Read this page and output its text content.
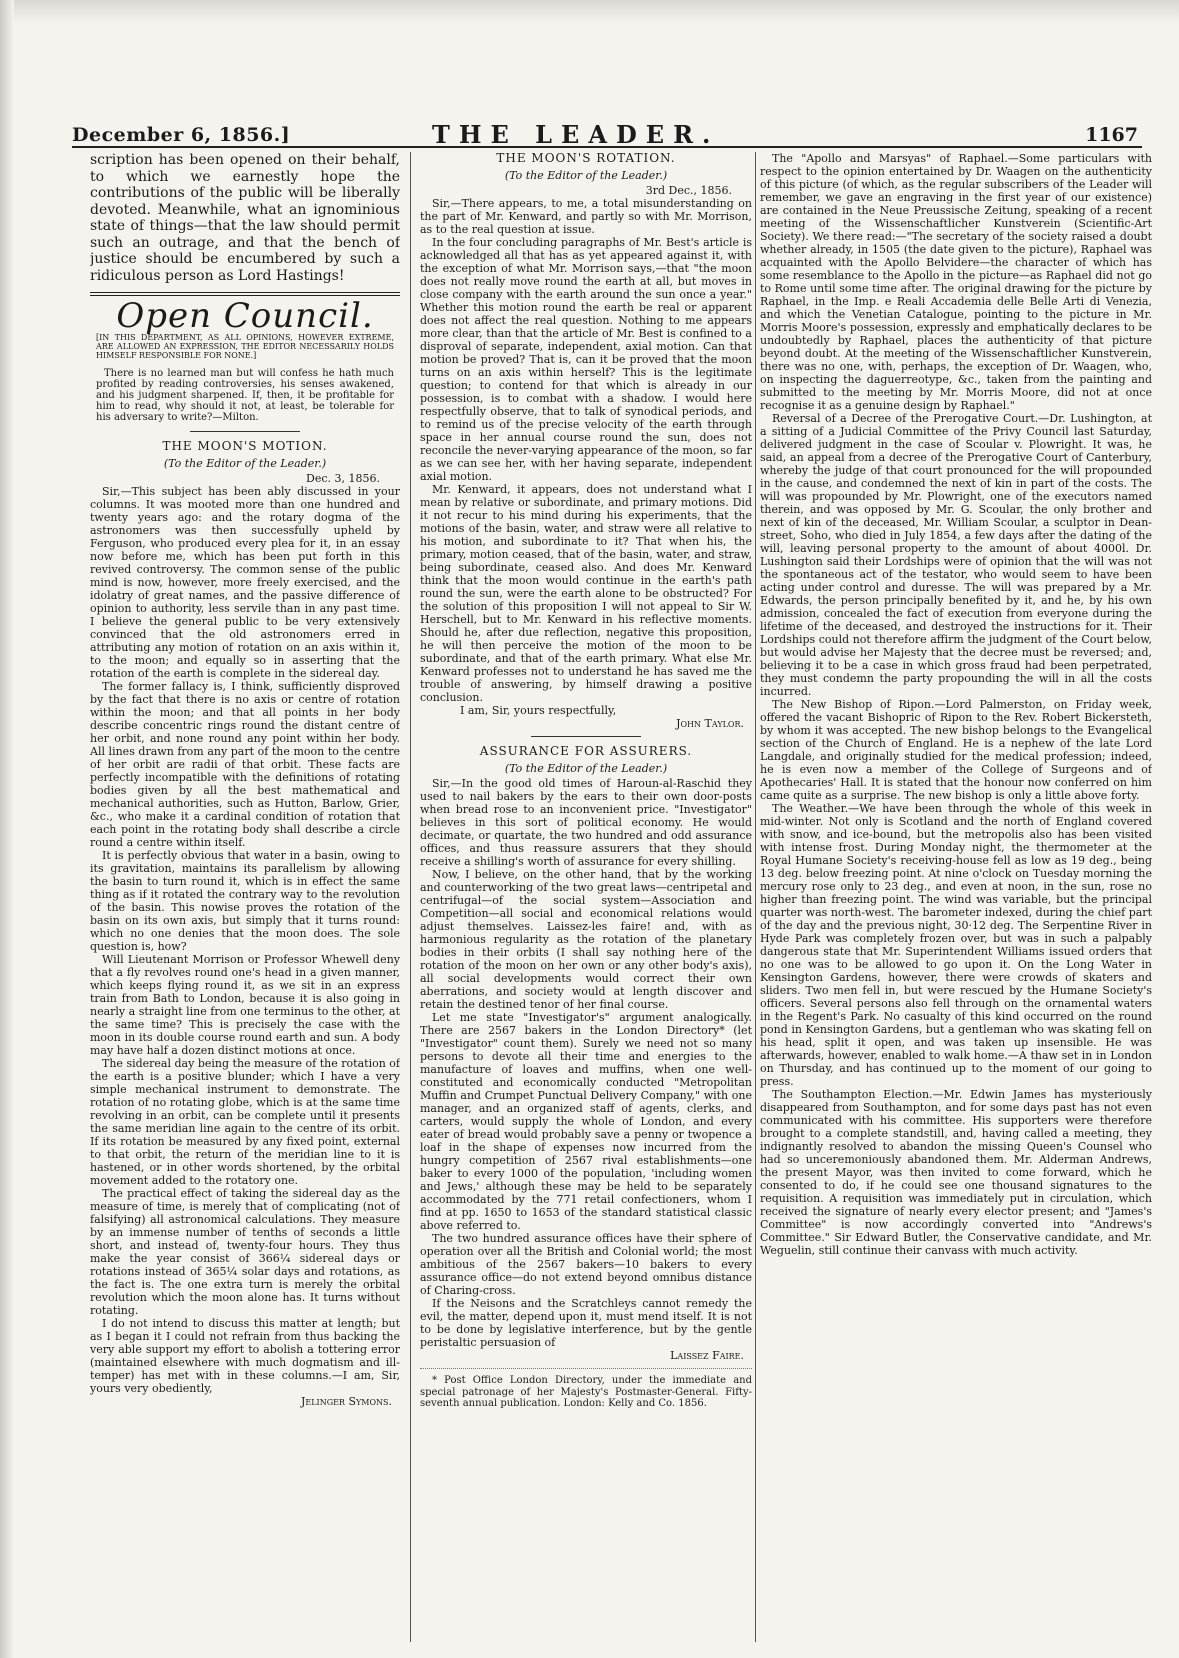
December 6, 1856.]	THE LEADER.	1167

scription has been opened on their behalf, to which we earnestly hope the contributions of the public will be liberally devoted. Meanwhile, what an ignominious state of things—that the law should permit such an outrage, and that the bench of justice should be encumbered by such a ridiculous person as Lord Hastings!

Open Council.

[IN THIS DEPARTMENT, AS ALL OPINIONS, HOWEVER EXTREME, ARE ALLOWED AN EXPRESSION, THE EDITOR NECESSARILY HOLDS HIMSELF RESPONSIBLE FOR NONE.]

There is no learned man but will confess he hath much profited by reading controversies, his senses awakened, and his judgment sharpened. If, then, it be profitable for him to read, why should it not, at least, be tolerable for his adversary to write?—Milton.

THE MOON'S MOTION.

(To the Editor of the Leader.)

Dec. 3, 1856.

Sir,—This subject has been ably discussed in your columns. It was mooted more than one hundred and twenty years ago: and the rotary dogma of the astronomers was then successfully upheld by Ferguson, who produced every plea for it, in an essay now before me, which has been put forth in this revived controversy. The common sense of the public mind is now, however, more freely exercised, and the idolatry of great names, and the passive difference of opinion to authority, less servile than in any past time. I believe the general public to be very extensively convinced that the old astronomers erred in attributing any motion of rotation on an axis within it, to the moon; and equally so in asserting that the rotation of the earth is complete in the sidereal day.

The former fallacy is, I think, sufficiently disproved by the fact that there is no axis or centre of rotation within the moon; and that all points in her body describe concentric rings round the distant centre of her orbit, and none round any point within her body. All lines drawn from any part of the moon to the centre of her orbit are radii of that orbit. These facts are perfectly incompatible with the definitions of rotating bodies given by all the best mathematical and mechanical authorities, such as Hutton, Barlow, Grier, &c., who make it a cardinal condition of rotation that each point in the rotating body shall describe a circle round a centre within itself.

It is perfectly obvious that water in a basin, owing to its gravitation, maintains its parallelism by allowing the basin to turn round it, which is in effect the same thing as if it rotated the contrary way to the revolution of the basin. This nowise proves the rotation of the basin on its own axis, but simply that it turns round: which no one denies that the moon does. The sole question is, how?

Will Lieutenant Morrison or Professor Whewell deny that a fly revolves round one's head in a given manner, which keeps flying round it, as we sit in an express train from Bath to London, because it is also going in nearly a straight line from one terminus to the other, at the same time? This is precisely the case with the moon in its double course round earth and sun. A body may have half a dozen distinct motions at once.

The sidereal day being the measure of the rotation of the earth is a positive blunder; which I have a very simple mechanical instrument to demonstrate. The rotation of no rotating globe, which is at the same time revolving in an orbit, can be complete until it presents the same meridian line again to the centre of its orbit. If its rotation be measured by any fixed point, external to that orbit, the return of the meridian line to it is hastened, or in other words shortened, by the orbital movement added to the rotatory one.

The practical effect of taking the sidereal day as the measure of time, is merely that of complicating (not of falsifying) all astronomical calculations. They measure by an immense number of tenths of seconds a little short, and instead of, twenty-four hours. They thus make the year consist of 366¼ sidereal days or rotations instead of 365¼ solar days and rotations, as the fact is. The one extra turn is merely the orbital revolution which the moon alone has. It turns without rotating.

I do not intend to discuss this matter at length; but as I began it I could not refrain from thus backing the very able support my effort to abolish a tottering error (maintained elsewhere with much dogmatism and ill-temper) has met with in these columns.—I am, Sir, yours very obediently,

Jelinger Symons.

THE MOON'S ROTATION.

(To the Editor of the Leader.)

3rd Dec., 1856.

Sir,—There appears, to me, a total misunderstanding on the part of Mr. Kenward, and partly so with Mr. Morrison, as to the real question at issue.

In the four concluding paragraphs of Mr. Best's article is acknowledged all that has as yet appeared against it, with the exception of what Mr. Morrison says,—that "the moon does not really move round the earth at all, but moves in close company with the earth around the sun once a year." Whether this motion round the earth be real or apparent does not affect the real question. Nothing to me appears more clear, than that the article of Mr. Best is confined to a disproval of separate, independent, axial motion. Can that motion be proved? That is, can it be proved that the moon turns on an axis within herself? This is the legitimate question; to contend for that which is already in our possession, is to combat with a shadow. I would here respectfully observe, that to talk of synodical periods, and to remind us of the precise velocity of the earth through space in her annual course round the sun, does not reconcile the never-varying appearance of the moon, so far as we can see her, with her having separate, independent axial motion.

Mr. Kenward, it appears, does not understand what I mean by relative or subordinate, and primary motions. Did it not recur to his mind during his experiments, that the motions of the basin, water, and straw were all relative to his motion, and subordinate to it? That when his, the primary, motion ceased, that of the basin, water, and straw, being subordinate, ceased also. And does Mr. Kenward think that the moon would continue in the earth's path round the sun, were the earth alone to be obstructed? For the solution of this proposition I will not appeal to Sir W. Herschell, but to Mr. Kenward in his reflective moments. Should he, after due reflection, negative this proposition, he will then perceive the motion of the moon to be subordinate, and that of the earth primary. What else Mr. Kenward professes not to understand he has saved me the trouble of answering, by himself drawing a positive conclusion.

I am, Sir, yours respectfully,

John Taylor.

ASSURANCE FOR ASSURERS.

(To the Editor of the Leader.)

Sir,—In the good old times of Haroun-al-Raschid they used to nail bakers by the ears to their own door-posts when bread rose to an inconvenient price. "Investigator" believes in this sort of political economy. He would decimate, or quartate, the two hundred and odd assurance offices, and thus reassure assurers that they should receive a shilling's worth of assurance for every shilling.

Now, I believe, on the other hand, that by the working and counterworking of the two great laws—centripetal and centrifugal—of the social system—Association and Competition—all social and economical relations would adjust themselves. Laissez-les faire! and, with as harmonious regularity as the rotation of the planetary bodies in their orbits (I shall say nothing here of the rotation of the moon on her own or any other body's axis), all social developments would correct their own aberrations, and society would at length discover and retain the destined tenor of her final course.

Let me state "Investigator's" argument analogically. There are 2567 bakers in the London Directory* (let "Investigator" count them). Surely we need not so many persons to devote all their time and energies to the manufacture of loaves and muffins, when one well-constituted and economically conducted "Metropolitan Muffin and Crumpet Punctual Delivery Company," with one manager, and an organized staff of agents, clerks, and carters, would supply the whole of London, and every eater of bread would probably save a penny or twopence a loaf in the shape of expenses now incurred from the hungry competition of 2567 rival establishments—one baker to every 1000 of the population, 'including women and Jews,' although these may be held to be separately accommodated by the 771 retail confectioners, whom I find at pp. 1650 to 1653 of the standard statistical classic above referred to.

The two hundred assurance offices have their sphere of operation over all the British and Colonial world; the most ambitious of the 2567 bakers—10 bakers to every assurance office—do not extend beyond omnibus distance of Charing-cross.

If the Neisons and the Scratchleys cannot remedy the evil, the matter, depend upon it, must mend itself. It is not to be done by legislative interference, but by the gentle peristaltic persuasion of

Laissez Faire.

* Post Office London Directory, under the immediate and special patronage of her Majesty's Postmaster-General. Fifty-seventh annual publication. London: Kelly and Co. 1856.

The "Apollo and Marsyas" of Raphael.—Some particulars with respect to the opinion entertained by Dr. Waagen on the authenticity of this picture (of which, as the regular subscribers of the Leader will remember, we gave an engraving in the first year of our existence) are contained in the Neue Preussische Zeitung, speaking of a recent meeting of the Wissenschaftlicher Kunstverein (Scientific-Art Society). We there read:—"The secretary of the society raised a doubt whether already, in 1505 (the date given to the picture), Raphael was acquainted with the Apollo Belvidere—the character of which has some resemblance to the Apollo in the picture—as Raphael did not go to Rome until some time after. The original drawing for the picture by Raphael, in the Imp. e Reali Accademia delle Belle Arti di Venezia, and which the Venetian Catalogue, pointing to the picture in Mr. Morris Moore's possession, expressly and emphatically declares to be undoubtedly by Raphael, places the authenticity of that picture beyond doubt. At the meeting of the Wissenschaftlicher Kunstverein, there was no one, with, perhaps, the exception of Dr. Waagen, who, on inspecting the daguerreotype, &c., taken from the painting and submitted to the meeting by Mr. Morris Moore, did not at once recognise it as a genuine design by Raphael."

Reversal of a Decree of the Prerogative Court.—Dr. Lushington, at a sitting of a Judicial Committee of the Privy Council last Saturday, delivered judgment in the case of Scoular v. Plowright. It was, he said, an appeal from a decree of the Prerogative Court of Canterbury, whereby the judge of that court pronounced for the will propounded in the cause, and condemned the next of kin in part of the costs. The will was propounded by Mr. Plowright, one of the executors named therein, and was opposed by Mr. G. Scoular, the only brother and next of kin of the deceased, Mr. William Scoular, a sculptor in Dean-street, Soho, who died in July 1854, a few days after the dating of the will, leaving personal property to the amount of about 4000l. Dr. Lushington said their Lordships were of opinion that the will was not the spontaneous act of the testator, who would seem to have been acting under control and duresse. The will was prepared by a Mr. Edwards, the person principally benefited by it, and he, by his own admission, concealed the fact of execution from everyone during the lifetime of the deceased, and destroyed the instructions for it. Their Lordships could not therefore affirm the judgment of the Court below, but would advise her Majesty that the decree must be reversed; and, believing it to be a case in which gross fraud had been perpetrated, they must condemn the party propounding the will in all the costs incurred.

The New Bishop of Ripon.—Lord Palmerston, on Friday week, offered the vacant Bishopric of Ripon to the Rev. Robert Bickersteth, by whom it was accepted. The new bishop belongs to the Evangelical section of the Church of England. He is a nephew of the late Lord Langdale, and originally studied for the medical profession; indeed, he is even now a member of the College of Surgeons and of Apothecaries' Hall. It is stated that the honour now conferred on him came quite as a surprise. The new bishop is only a little above forty.

The Weather.—We have been through the whole of this week in mid-winter. Not only is Scotland and the north of England covered with snow, and ice-bound, but the metropolis also has been visited with intense frost. During Monday night, the thermometer at the Royal Humane Society's receiving-house fell as low as 19 deg., being 13 deg. below freezing point. At nine o'clock on Tuesday morning the mercury rose only to 23 deg., and even at noon, in the sun, rose no higher than freezing point. The wind was variable, but the principal quarter was north-west. The barometer indexed, during the chief part of the day and the previous night, 30·12 deg. The Serpentine River in Hyde Park was completely frozen over, but was in such a palpably dangerous state that Mr. Superintendent Williams issued orders that no one was to be allowed to go upon it. On the Long Water in Kensington Gardens, however, there were crowds of skaters and sliders. Two men fell in, but were rescued by the Humane Society's officers. Several persons also fell through on the ornamental waters in the Regent's Park. No casualty of this kind occurred on the round pond in Kensington Gardens, but a gentleman who was skating fell on his head, split it open, and was taken up insensible. He was afterwards, however, enabled to walk home.—A thaw set in in London on Thursday, and has continued up to the moment of our going to press.

The Southampton Election.—Mr. Edwin James has mysteriously disappeared from Southampton, and for some days past has not even communicated with his committee. His supporters were therefore brought to a complete standstill, and, having called a meeting, they indignantly resolved to abandon the missing Queen's Counsel who had so unceremoniously abandoned them. Mr. Alderman Andrews, the present Mayor, was then invited to come forward, which he consented to do, if he could see one thousand signatures to the requisition. A requisition was immediately put in circulation, which received the signature of nearly every elector present; and "James's Committee" is now accordingly converted into "Andrews's Committee." Sir Edward Butler, the Conservative candidate, and Mr. Weguelin, still continue their canvass with much activity.
